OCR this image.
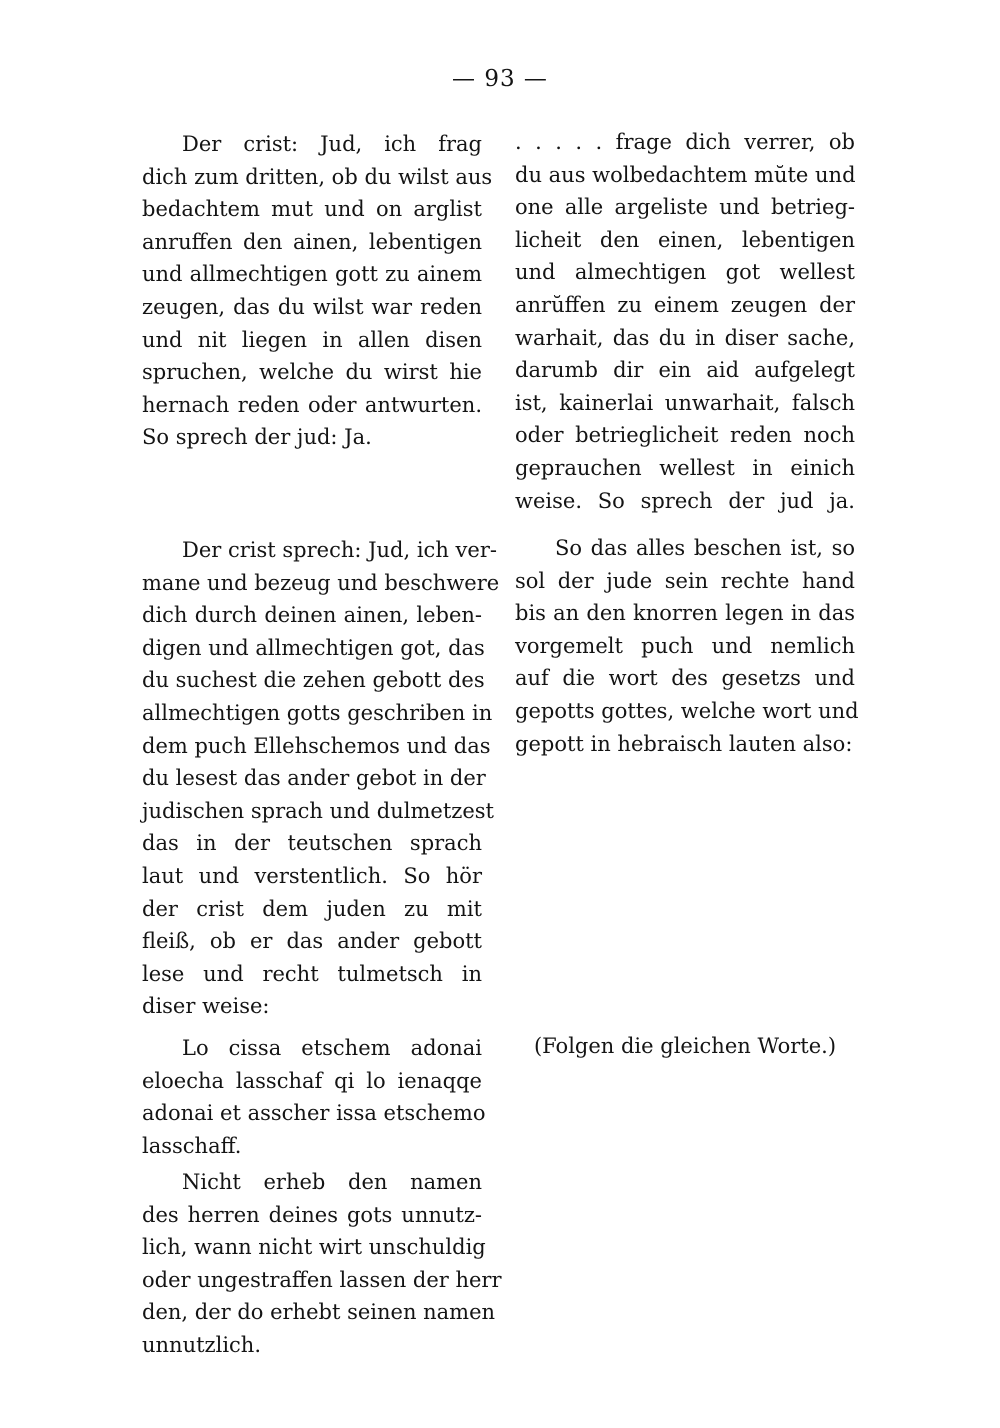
— 93 —
Der crist: Jud, ich frag
dich zum dritten, ob du wilst aus
bedachtem mut und on arglist
anruffen den ainen, lebentigen
und allmechtigen gott zu ainem
zeugen, das du wilst war reden
und nit liegen in allen disen
spruchen, welche du wirst hie
hernach reden oder antwurten.
So sprech der jud: Ja.
Der crist sprech: Jud, ich ver-
mane und bezeug und beschwere
dich durch deinen ainen, leben-
digen und allmechtigen got, das
du suchest die zehen gebott des
allmechtigen gotts geschriben in
dem puch Ellehschemos und das
du lesest das ander gebot in der
judischen sprach und dulmetzest
das in der teutschen sprach
laut und verstentlich. So hör
der crist dem juden zu mit
fleiß, ob er das ander gebott
lese und recht tulmetsch in
diser weise:
Lo cissa etschem adonai
eloecha lasschaf qi lo ienaqqe
adonai et asscher issa etschemo
lasschaff.
Nicht erheb den namen
des herren deines gots unnutz-
lich, wann nicht wirt unschuldig
oder ungestraffen lassen der herr
den, der do erhebt seinen namen
unnutzlich.
. . . . . frage dich verrer, ob
du aus wolbedachtem mŭte und
one alle argeliste und betrieg-
licheit den einen, lebentigen
und almechtigen got wellest
anrŭffen zu einem zeugen der
warhait, das du in diser sache,
darumb dir ein aid aufgelegt
ist, kainerlai unwarhait, falsch
oder betrieglicheit reden noch
geprauchen wellest in einich
weise. So sprech der jud ja.
So das alles beschen ist, so
sol der jude sein rechte hand
bis an den knorren legen in das
vorgemelt puch und nemlich
auf die wort des gesetzs und
gepotts gottes, welche wort und
gepott in hebraisch lauten also:
(Folgen die gleichen Worte.)
